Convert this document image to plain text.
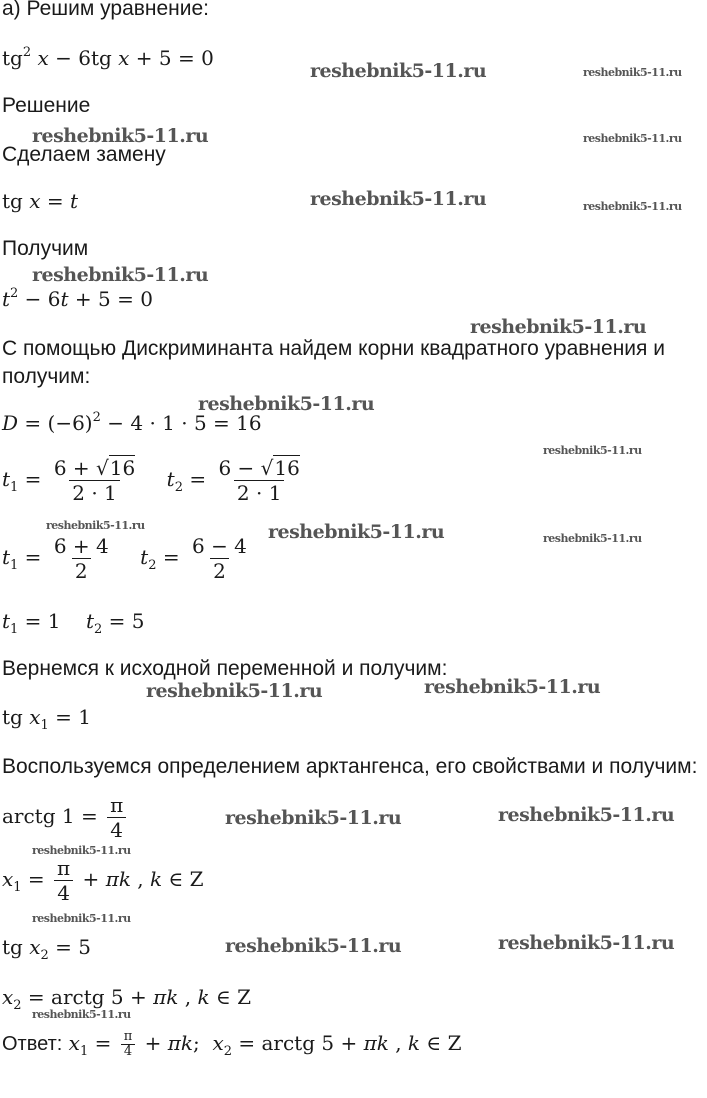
а) Решим уравнение:
$tg^2$ x − 6tg x + 5 = 0
Решение
Сделаем замену
tg x = t
Получим
$t^2 - 6t + 5 = 0$
С помощью Дискриминанта найдем корни квадратного уравнения и
получим:
$D = (-6)^2 - 4 \cdot 1 \cdot 5 = 16$
$t_1 = \frac{6 + √16}{2 \cdot 1} t_2 = \frac{6 - √16}{2 \cdot 1}$
$t_1 = \frac{6 + 4}{2} t_2 = \frac{6 - 4}{2}$
$t_1 = 1$    $t_2 = 5$
Вернемся к исходной переменной и получим:
tg $x_1 = 1$
Воспользуемся определением арктангенса, его свойствами и получим:
arctg $1 = \frac{\pi}{4}$
$x_1 = \frac{\pi}{4} + \pi k$ , k ∈ Z
tg $x_2 = 5$
$x_2$ = arctg 5 + πk , k ∈ Z
Ответ: $x_1 = \frac{\pi}{4} + \pi k$;  $x_2$ = arctg 5 + πk , k ∈ Z
reshebnik5-11.ru	reshebnik5-11.ru
reshebnik5-11.ru	reshebnik5-11.ru
reshebnik5-11.ru	reshebnik5-11.ru
reshebnik5-11.ru
reshebnik5-11.ru
reshebnik5-11.ru
reshebnik5-11.ru
reshebnik5-11.ru	reshebnik5-11.ru	reshebnik5-11.ru
reshebnik5-11.ru	reshebnik5-11.ru
reshebnik5-11.ru	reshebnik5-11.ru
reshebnik5-11.ru
reshebnik5-11.ru
reshebnik5-11.ru	reshebnik5-11.ru
reshebnik5-11.ru
